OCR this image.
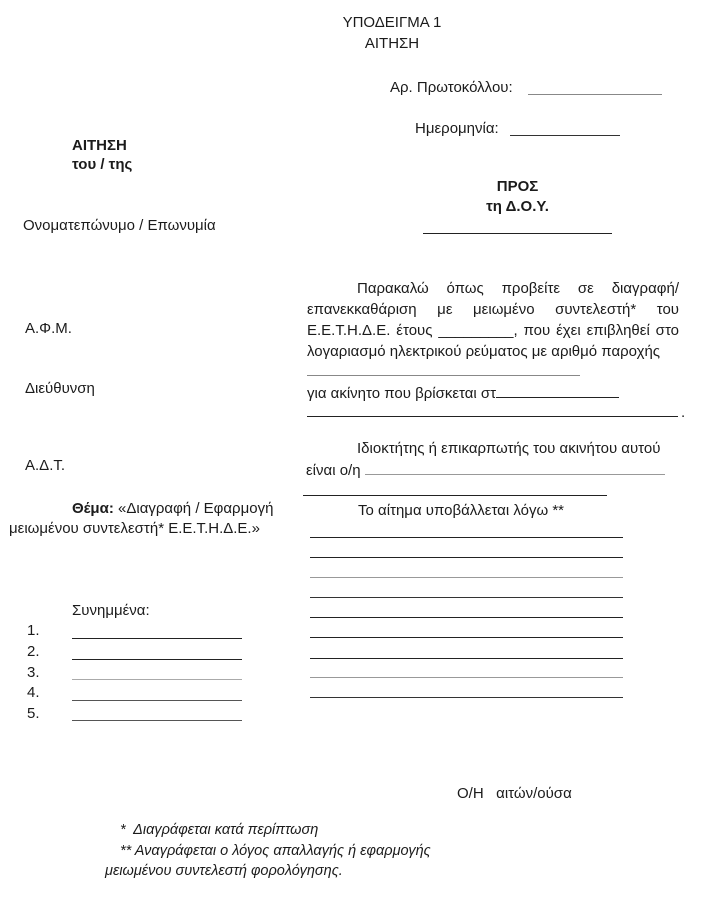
ΥΠΟΔΕΙΓΜΑ 1
ΑΙΤΗΣΗ
Αρ. Πρωτοκόλλου:
Ημερομηνία:
ΑΙΤΗΣΗ
του / της
Ονοματεπώνυμο / Επωνυμία
Α.Φ.Μ.
Διεύθυνση
Α.Δ.Τ.
ΠΡΟΣ
τη Δ.Ο.Υ.
Παρακαλώ όπως προβείτε σε διαγραφή/ επανεκκαθάριση με μειωμένο συντελεστή* του Ε.Ε.Τ.Η.Δ.Ε. έτους _________, που έχει επιβληθεί στο λογαριασμό ηλεκτρικού ρεύματος με αριθμό παροχής
για ακίνητο που βρίσκεται στ
.
Ιδιοκτήτης ή επικαρπωτής του ακινήτου αυτού
είναι ο/η
Το αίτημα υποβάλλεται λόγω **
Θέμα: «Διαγραφή / Εφαρμογή
μειωμένου συντελεστή* Ε.Ε.Τ.Η.Δ.Ε.»
Συνημμένα:
1.
2.
3.
4.
5.
Ο/Η   αιτών/ούσα
*  Διαγράφεται κατά περίπτωση
** Αναγράφεται ο λόγος απαλλαγής ή εφαρμογής
μειωμένου συντελεστή φορολόγησης.
